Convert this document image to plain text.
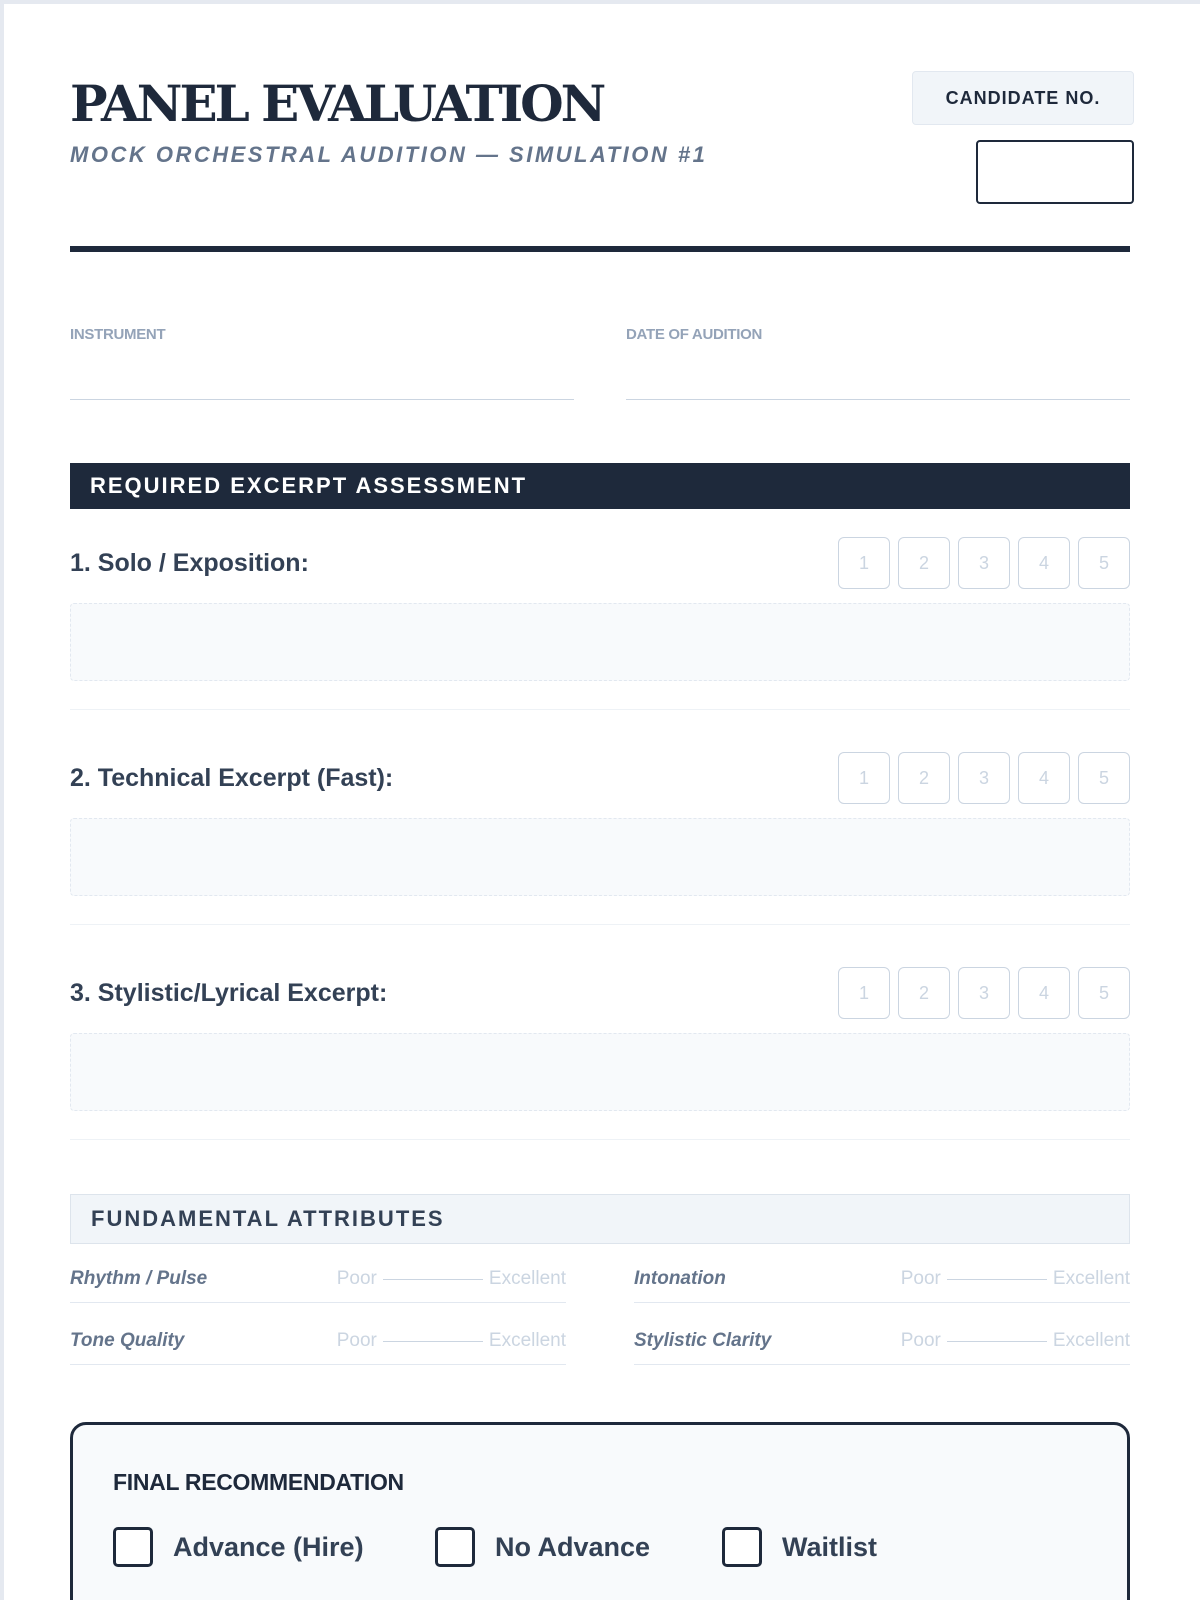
PANEL EVALUATION
MOCK ORCHESTRAL AUDITION — SIMULATION #1
CANDIDATE NO.
INSTRUMENT	DATE OF AUDITION
REQUIRED EXCERPT ASSESSMENT
1. Solo / Exposition:	1	2	3	4	5
2. Technical Excerpt (Fast):	1	2	3	4	5
3. Stylistic/Lyrical Excerpt:	1	2	3	4	5
FUNDAMENTAL ATTRIBUTES
Rhythm / Pulse	Poor	Excellent	Intonation	Poor	Excellent
Tone Quality	Poor	Excellent	Stylistic Clarity	Poor	Excellent
FINAL RECOMMENDATION
Advance (Hire)	No Advance	Waitlist
